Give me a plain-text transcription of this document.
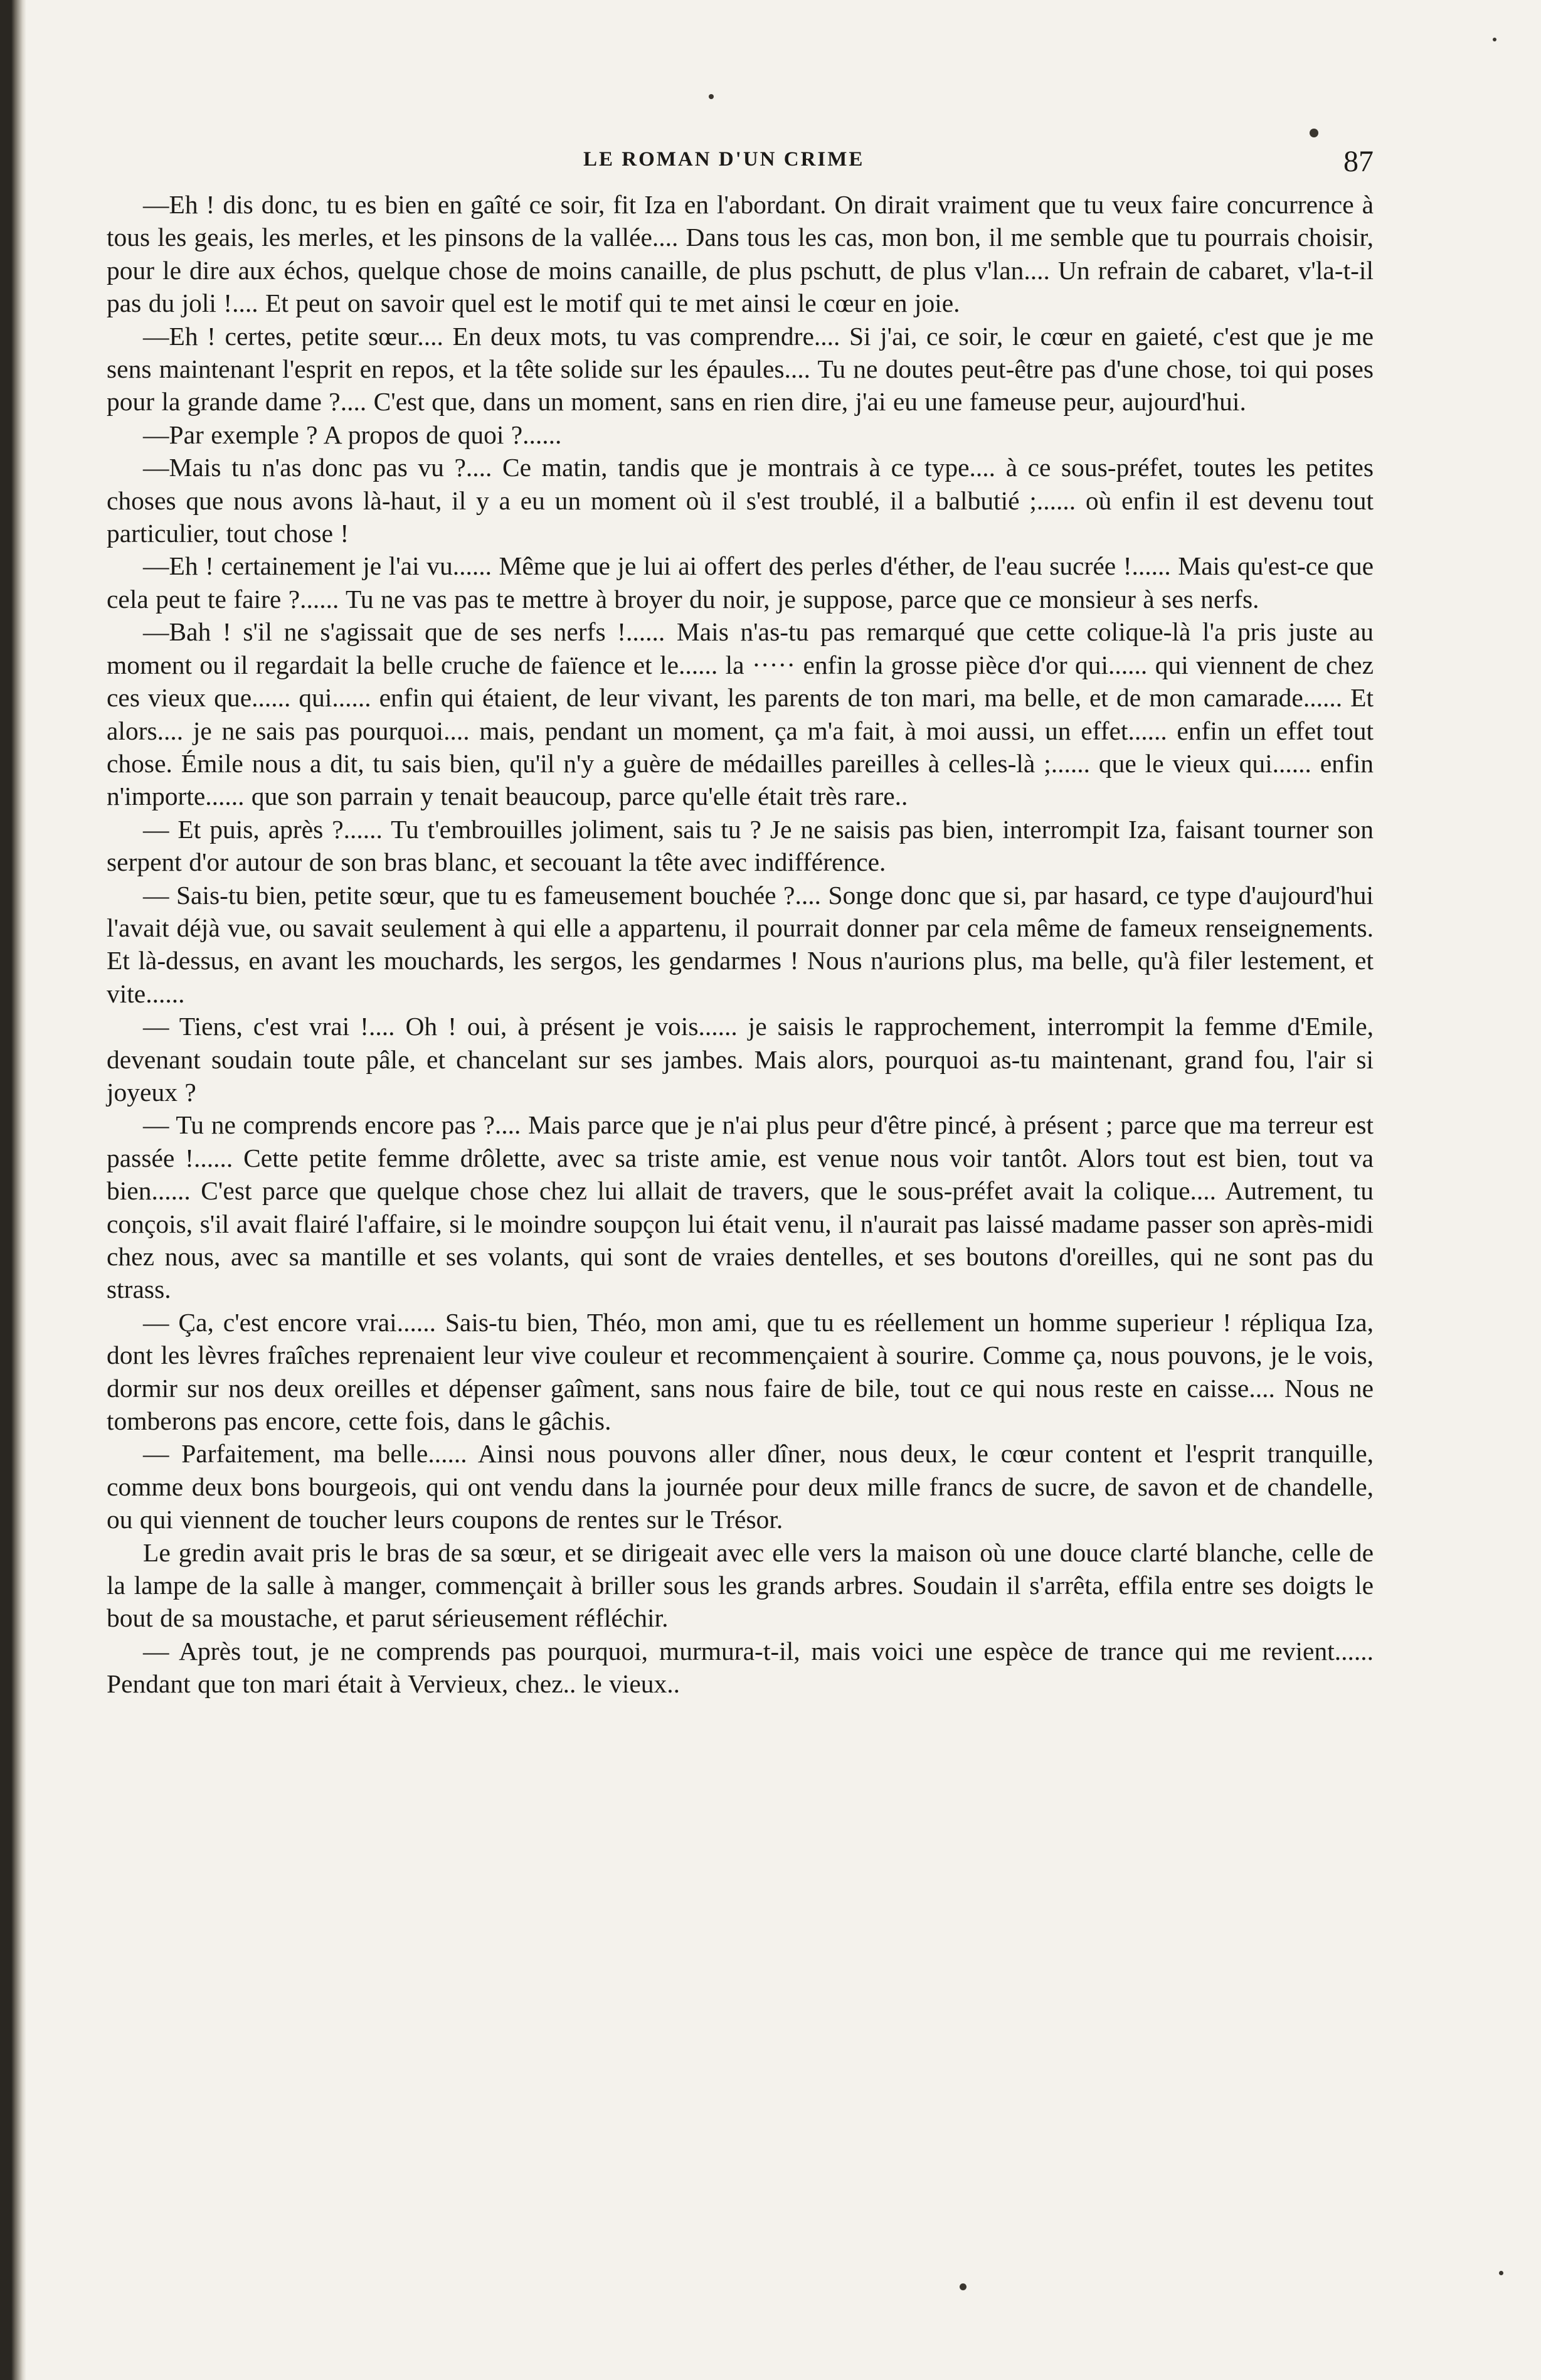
LE ROMAN D'UN CRIME	87

—Eh ! dis donc, tu es bien en gaîté ce soir, fit Iza en l'abordant. On dirait vraiment que tu veux faire concurrence à tous les geais, les merles, et les pinsons de la vallée.... Dans tous les cas, mon bon, il me semble que tu pourrais choisir, pour le dire aux échos, quelque chose de moins canaille, de plus pschutt, de plus v'lan.... Un refrain de cabaret, v'la-t-il pas du joli !.... Et peut on savoir quel est le motif qui te met ainsi le cœur en joie.

—Eh ! certes, petite sœur.... En deux mots, tu vas comprendre.... Si j'ai, ce soir, le cœur en gaieté, c'est que je me sens maintenant l'esprit en repos, et la tête solide sur les épaules.... Tu ne doutes peut-être pas d'une chose, toi qui poses pour la grande dame ?.... C'est que, dans un moment, sans en rien dire, j'ai eu une fameuse peur, aujourd'hui.

—Par exemple ? A propos de quoi ?......

—Mais tu n'as donc pas vu ?.... Ce matin, tandis que je montrais à ce type.... à ce sous-préfet, toutes les petites choses que nous avons là-haut, il y a eu un moment où il s'est troublé, il a balbutié ;...... où enfin il est devenu tout particulier, tout chose !

—Eh ! certainement je l'ai vu...... Même que je lui ai offert des perles d'éther, de l'eau sucrée !...... Mais qu'est-ce que cela peut te faire ?...... Tu ne vas pas te mettre à broyer du noir, je suppose, parce que ce monsieur à ses nerfs.

—Bah ! s'il ne s'agissait que de ses nerfs !...... Mais n'as-tu pas remarqué que cette colique-là l'a pris juste au moment ou il regardait la belle cruche de faïence et le...... la ····· enfin la grosse pièce d'or qui...... qui viennent de chez ces vieux que...... qui...... enfin qui étaient, de leur vivant, les parents de ton mari, ma belle, et de mon camarade...... Et alors.... je ne sais pas pourquoi.... mais, pendant un moment, ça m'a fait, à moi aussi, un effet...... enfin un effet tout chose. Émile nous a dit, tu sais bien, qu'il n'y a guère de médailles pareilles à celles-là ;...... que le vieux qui...... enfin n'importe...... que son parrain y tenait beaucoup, parce qu'elle était très rare..

— Et puis, après ?...... Tu t'embrouilles joliment, sais tu ? Je ne saisis pas bien, interrompit Iza, faisant tourner son serpent d'or autour de son bras blanc, et secouant la tête avec indifférence.

— Sais-tu bien, petite sœur, que tu es fameusement bouchée ?.... Songe donc que si, par hasard, ce type d'aujourd'hui l'avait déjà vue, ou savait seulement à qui elle a appartenu, il pourrait donner par cela même de fameux renseignements. Et là-dessus, en avant les mouchards, les sergos, les gendarmes ! Nous n'aurions plus, ma belle, qu'à filer lestement, et vite......

— Tiens, c'est vrai !.... Oh ! oui, à présent je vois...... je saisis le rapprochement, interrompit la femme d'Emile, devenant soudain toute pâle, et chancelant sur ses jambes. Mais alors, pourquoi as-tu maintenant, grand fou, l'air si joyeux ?

— Tu ne comprends encore pas ?.... Mais parce que je n'ai plus peur d'être pincé, à présent ; parce que ma terreur est passée !...... Cette petite femme drôlette, avec sa triste amie, est venue nous voir tantôt. Alors tout est bien, tout va bien...... C'est parce que quelque chose chez lui allait de travers, que le sous-préfet avait la colique.... Autrement, tu conçois, s'il avait flairé l'affaire, si le moindre soupçon lui était venu, il n'aurait pas laissé madame passer son après-midi chez nous, avec sa mantille et ses volants, qui sont de vraies dentelles, et ses boutons d'oreilles, qui ne sont pas du strass.

— Ça, c'est encore vrai...... Sais-tu bien, Théo, mon ami, que tu es réellement un homme superieur ! répliqua Iza, dont les lèvres fraîches reprenaient leur vive couleur et recommençaient à sourire. Comme ça, nous pouvons, je le vois, dormir sur nos deux oreilles et dépenser gaîment, sans nous faire de bile, tout ce qui nous reste en caisse.... Nous ne tomberons pas encore, cette fois, dans le gâchis.

— Parfaitement, ma belle...... Ainsi nous pouvons aller dîner, nous deux, le cœur content et l'esprit tranquille, comme deux bons bourgeois, qui ont vendu dans la journée pour deux mille francs de sucre, de savon et de chandelle, ou qui viennent de toucher leurs coupons de rentes sur le Trésor.

Le gredin avait pris le bras de sa sœur, et se dirigeait avec elle vers la maison où une douce clarté blanche, celle de la lampe de la salle à manger, commençait à briller sous les grands arbres. Soudain il s'arrêta, effila entre ses doigts le bout de sa moustache, et parut sérieusement réfléchir.

— Après tout, je ne comprends pas pourquoi, murmura-t-il, mais voici une espèce de trance qui me revient...... Pendant que ton mari était à Vervieux, chez.. le vieux..
